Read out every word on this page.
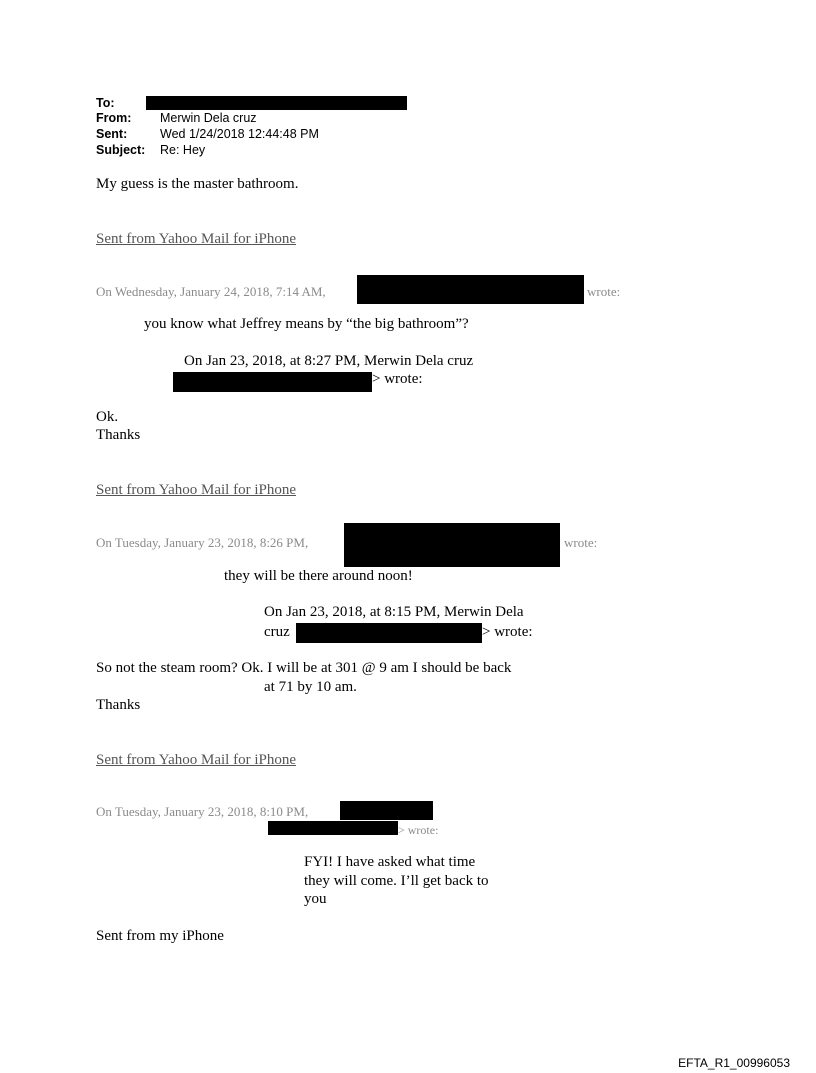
To:
From: Merwin Dela cruz
Sent:	Wed 1/24/2018 12:44:48 PM
Subject: Re: Hey
My guess is the master bathroom.
Sent from Yahoo Mail for iPhone
On Wednesday, January 24, 2018, 7:14 AM,	wrote:
you know what Jeffrey means by “the big bathroom”?
On Jan 23, 2018, at 8:27 PM, Merwin Dela cruz
> wrote:
Ok.
Thanks
Sent from Yahoo Mail for iPhone
On Tuesday, January 23, 2018, 8:26 PM,	wrote:
they will be there around noon!
On Jan 23, 2018, at 8:15 PM, Merwin Dela
cruz	> wrote:
So not the steam room? Ok. I will be at 301 @ 9 am I should be back
at 71 by 10 am.
Thanks
Sent from Yahoo Mail for iPhone
On Tuesday, January 23, 2018, 8:10 PM,
> wrote:
FYI! I have asked what time
they will come. I’ll get back to
you
Sent from my iPhone
EFTA_R1_00996053
